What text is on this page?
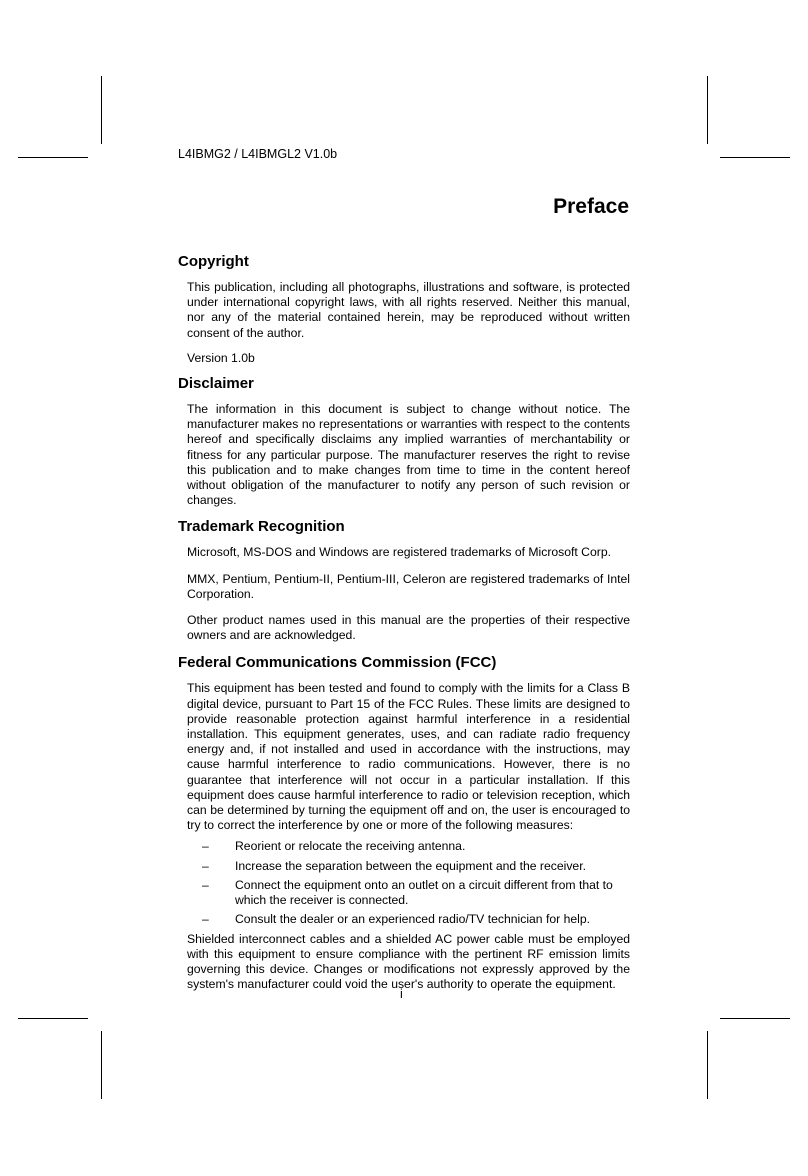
L4IBMG2 / L4IBMGL2 V1.0b
Preface
Copyright

This publication, including all photographs, illustrations and software, is protected under international copyright laws, with all rights reserved. Neither this manual, nor any of the material contained herein, may be reproduced without written consent of the author.

Version 1.0b

Disclaimer

The information in this document is subject to change without notice. The manufacturer makes no representations or warranties with respect to the contents hereof and specifically disclaims any implied warranties of merchantability or fitness for any particular purpose. The manufacturer reserves the right to revise this publication and to make changes from time to time in the content hereof without obligation of the manufacturer to notify any person of such revision or changes.

Trademark Recognition

Microsoft, MS-DOS and Windows are registered trademarks of Microsoft Corp.

MMX, Pentium, Pentium-II, Pentium-III, Celeron are registered trademarks of Intel Corporation.

Other product names used in this manual are the properties of their respective owners and are acknowledged.

Federal Communications Commission (FCC)

This equipment has been tested and found to comply with the limits for a Class B digital device, pursuant to Part 15 of the FCC Rules. These limits are designed to provide reasonable protection against harmful interference in a residential installation. This equipment generates, uses, and can radiate radio frequency energy and, if not installed and used in accordance with the instructions, may cause harmful interference to radio communications. However, there is no guarantee that interference will not occur in a particular installation. If this equipment does cause harmful interference to radio or television reception, which can be determined by turning the equipment off and on, the user is encouraged to try to correct the interference by one or more of the following measures:

– Reorient or relocate the receiving antenna.
– Increase the separation between the equipment and the receiver.
– Connect the equipment onto an outlet on a circuit different from that to which the receiver is connected.
– Consult the dealer or an experienced radio/TV technician for help.

Shielded interconnect cables and a shielded AC power cable must be employed with this equipment to ensure compliance with the pertinent RF emission limits governing this device. Changes or modifications not expressly approved by the system's manufacturer could void the user's authority to operate the equipment.

i
